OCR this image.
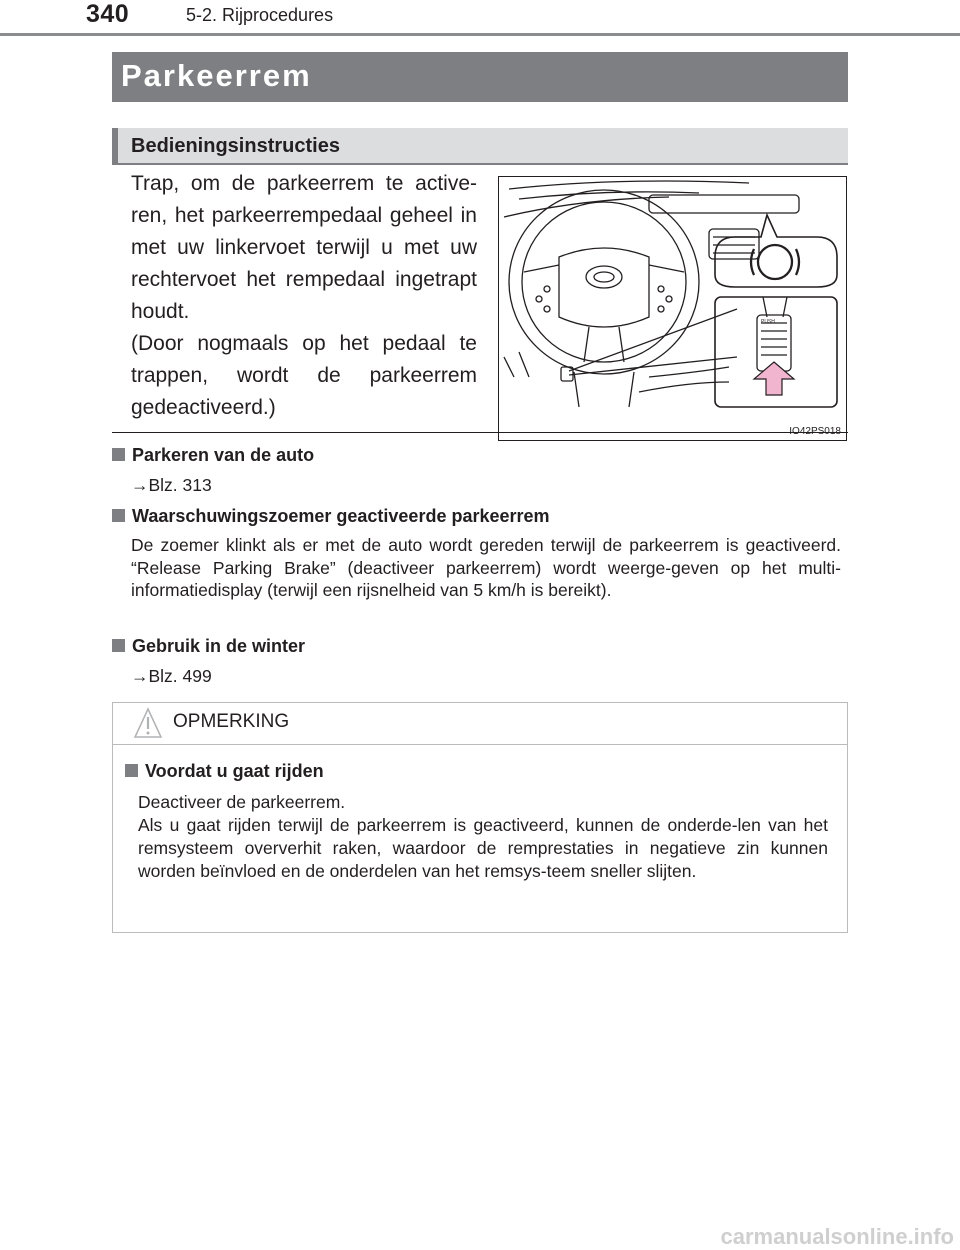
340	5-2. Rijprocedures
Parkeerrem
Bedieningsinstructies

Trap, om de parkeerrem te active-ren, het parkeerrempedaal geheel in met uw linkervoet terwijl u met uw rechtervoet het rempedaal ingetrapt houdt.

(Door nogmaals op het pedaal te trappen, wordt de parkeerrem gedeactiveerd.)

PUSH
Parkeren van de auto
→Blz. 313
Waarschuwingszoemer geactiveerde parkeerrem
De zoemer klinkt als er met de auto wordt gereden terwijl de parkeerrem is geactiveerd. “Release Parking Brake” (deactiveer parkeerrem) wordt weerge-geven op het multi-informatiedisplay (terwijl een rijsnelheid van 5 km/h is bereikt).
Gebruik in de winter
→Blz. 499
OPMERKING
Voordat u gaat rijden

Deactiveer de parkeerrem.

Als u gaat rijden terwijl de parkeerrem is geactiveerd, kunnen de onderde-len van het remsysteem oververhit raken, waardoor de remprestaties in negatieve zin kunnen worden beïnvloed en de onderdelen van het remsys-teem sneller slijten.

carmanualsonline.info
